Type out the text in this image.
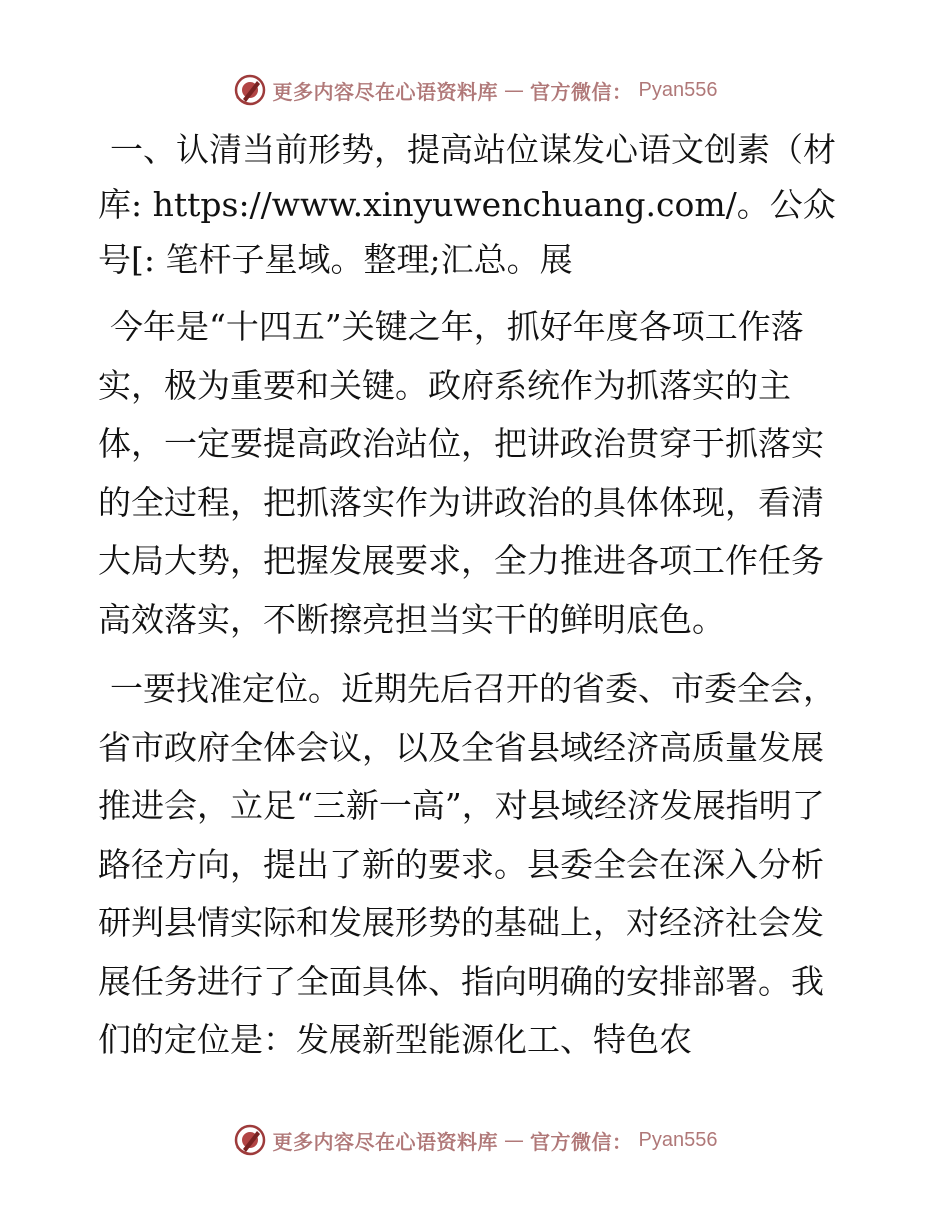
更多内容尽在心语资料库 — 官方微信： Pyan556

一、认清当前形势，提高站位谋发心语文创素（材库: https://www.xinyuwenchuang.com/。公众号[: 笔杆子星域。整理;汇总。展

今年是“十四五”关键之年，抓好年度各项工作落实，极为重要和关键。政府系统作为抓落实的主体，一定要提高政治站位，把讲政治贯穿于抓落实的全过程，把抓落实作为讲政治的具体体现，看清大局大势，把握发展要求，全力推进各项工作任务高效落实，不断擦亮担当实干的鲜明底色。

一要找准定位。近期先后召开的省委、市委全会，省市政府全体会议，以及全省县域经济高质量发展推进会，立足“三新一高”，对县域经济发展指明了路径方向，提出了新的要求。县委全会在深入分析研判县情实际和发展形势的基础上，对经济社会发展任务进行了全面具体、指向明确的安排部署。我们的定位是：发展新型能源化工、特色农

更多内容尽在心语资料库 — 官方微信： Pyan556
